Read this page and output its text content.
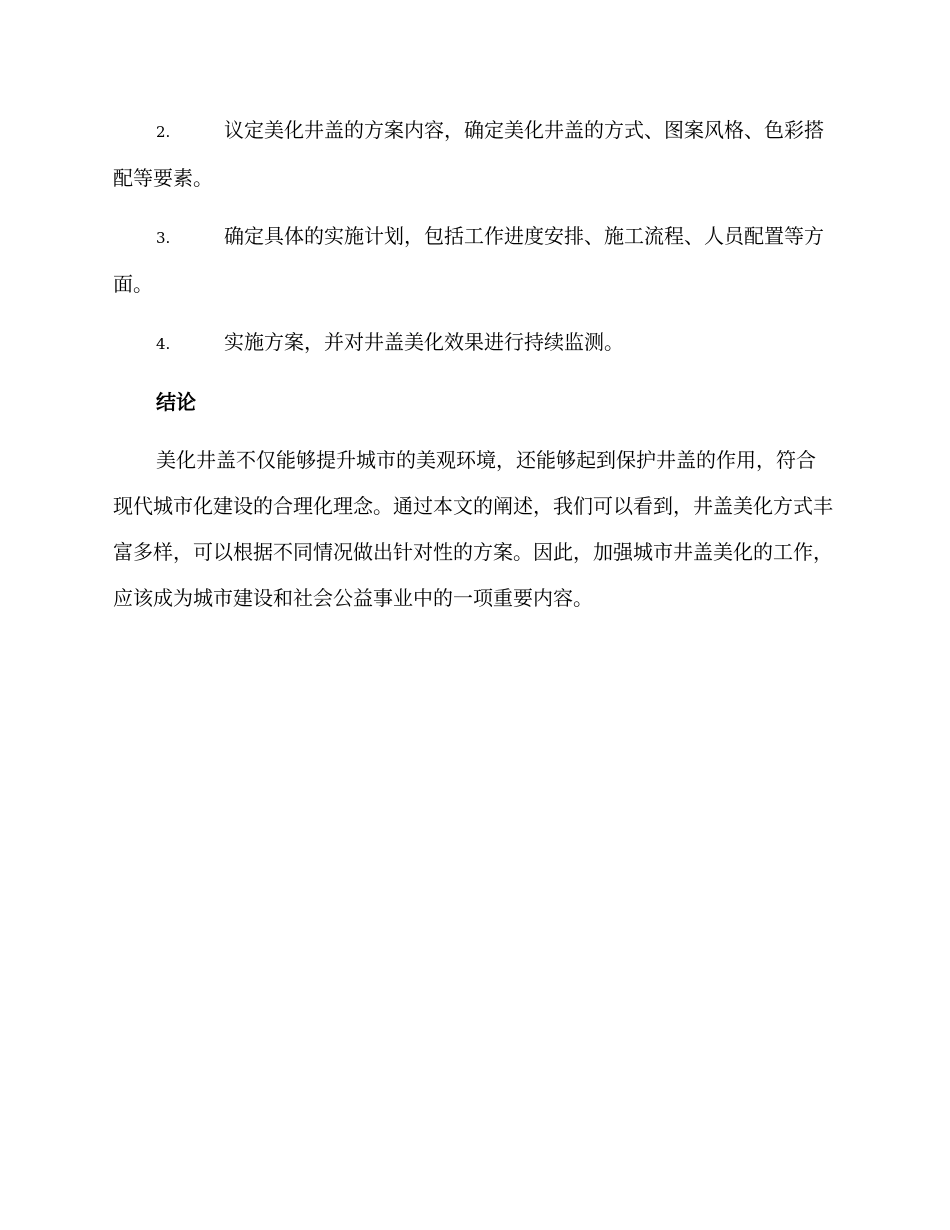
2.	议定美化井盖的方案内容，确定美化井盖的方式、图案风格、色彩搭配等要素。

3.	确定具体的实施计划，包括工作进度安排、施工流程、人员配置等方面。

4.	实施方案，并对井盖美化效果进行持续监测。

结论

美化井盖不仅能够提升城市的美观环境，还能够起到保护井盖的作用，符合现代城市化建设的合理化理念。通过本文的阐述，我们可以看到，井盖美化方式丰富多样，可以根据不同情况做出针对性的方案。因此，加强城市井盖美化的工作，应该成为城市建设和社会公益事业中的一项重要内容。
